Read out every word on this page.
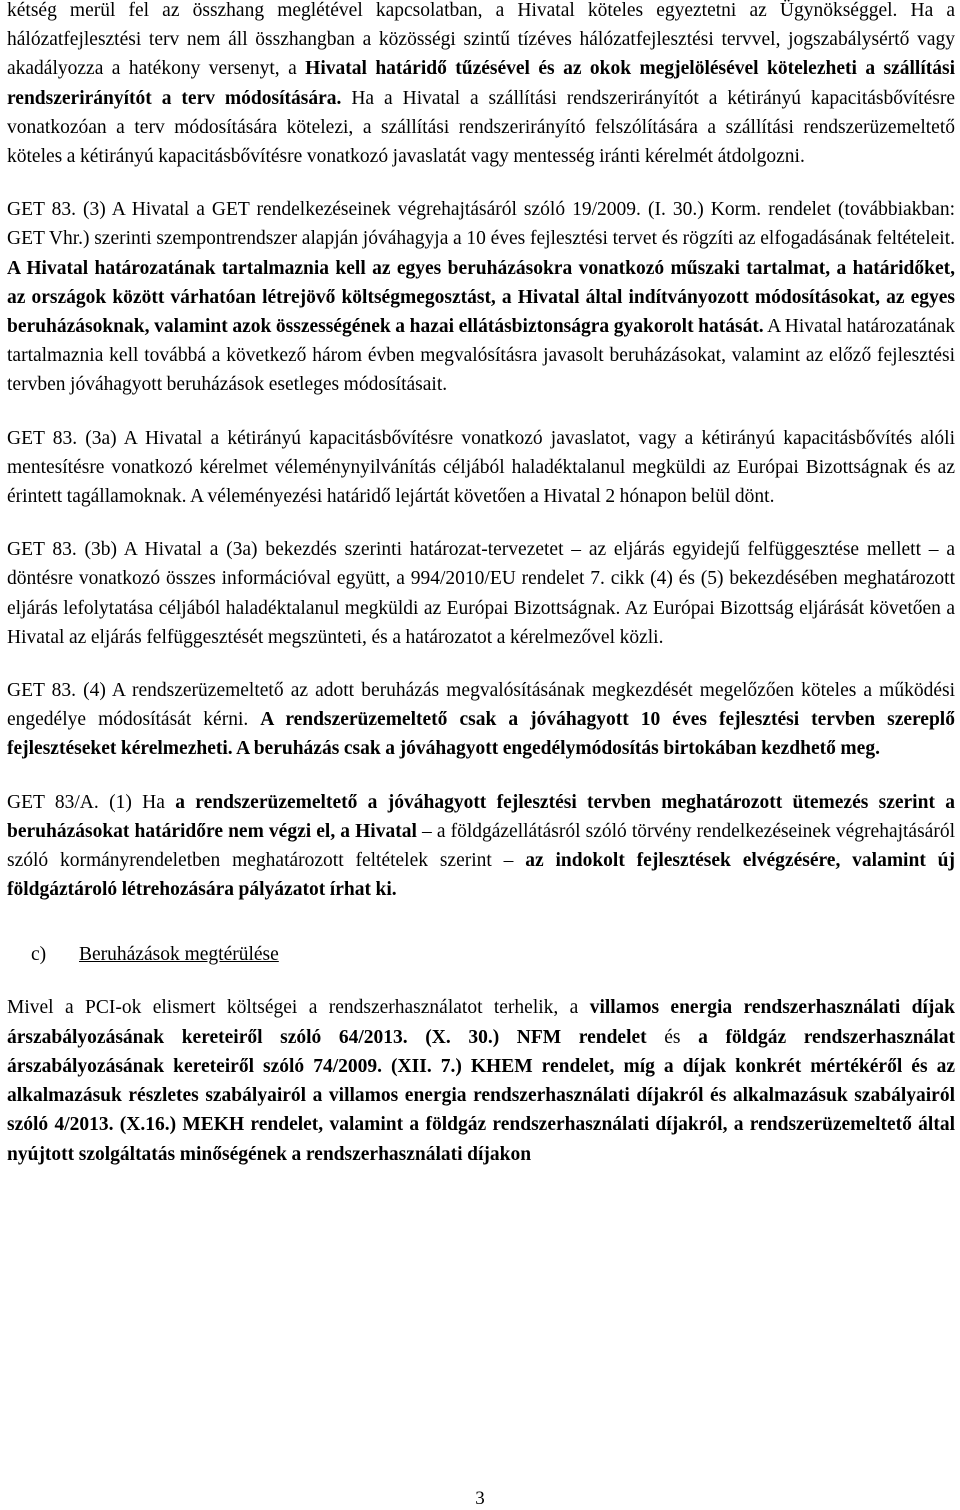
kétség merül fel az összhang meglétével kapcsolatban, a Hivatal köteles egyeztetni az Ügynökséggel. Ha a hálózatfejlesztési terv nem áll összhangban a közösségi szintű tízéves hálózatfejlesztési tervvel, jogszabálysértő vagy akadályozza a hatékony versenyt, a Hivatal határidő tűzésével és az okok megjelölésével kötelezheti a szállítási rendszerirányítót a terv módosítására. Ha a Hivatal a szállítási rendszerirányítót a kétirányú kapacitásbővítésre vonatkozóan a terv módosítására kötelezi, a szállítási rendszerirányító felszólítására a szállítási rendszerüzemeltető köteles a kétirányú kapacitásbővítésre vonatkozó javaslatát vagy mentesség iránti kérelmét átdolgozni.

GET 83. (3) A Hivatal a GET rendelkezéseinek végrehajtásáról szóló 19/2009. (I. 30.) Korm. rendelet (továbbiakban: GET Vhr.) szerinti szempontrendszer alapján jóváhagyja a 10 éves fejlesztési tervet és rögzíti az elfogadásának feltételeit. A Hivatal határozatának tartalmaznia kell az egyes beruházásokra vonatkozó műszaki tartalmat, a határidőket, az országok között várhatóan létrejövő költségmegosztást, a Hivatal által indítványozott módosításokat, az egyes beruházásoknak, valamint azok összességének a hazai ellátásbiztonságra gyakorolt hatását. A Hivatal határozatának tartalmaznia kell továbbá a következő három évben megvalósításra javasolt beruházásokat, valamint az előző fejlesztési tervben jóváhagyott beruházások esetleges módosításait.

GET 83. (3a) A Hivatal a kétirányú kapacitásbővítésre vonatkozó javaslatot, vagy a kétirányú kapacitásbővítés alóli mentesítésre vonatkozó kérelmet véleménynyilvánítás céljából haladéktalanul megküldi az Európai Bizottságnak és az érintett tagállamoknak. A véleményezési határidő lejártát követően a Hivatal 2 hónapon belül dönt.

GET 83. (3b) A Hivatal a (3a) bekezdés szerinti határozat-tervezetet – az eljárás egyidejű felfüggesztése mellett – a döntésre vonatkozó összes információval együtt, a 994/2010/EU rendelet 7. cikk (4) és (5) bekezdésében meghatározott eljárás lefolytatása céljából haladéktalanul megküldi az Európai Bizottságnak. Az Európai Bizottság eljárását követően a Hivatal az eljárás felfüggesztését megszünteti, és a határozatot a kérelmezővel közli.

GET 83. (4) A rendszerüzemeltető az adott beruházás megvalósításának megkezdését megelőzően köteles a működési engedélye módosítását kérni. A rendszerüzemeltető csak a jóváhagyott 10 éves fejlesztési tervben szereplő fejlesztéseket kérelmezheti. A beruházás csak a jóváhagyott engedélymódosítás birtokában kezdhető meg.

GET 83/A. (1) Ha a rendszerüzemeltető a jóváhagyott fejlesztési tervben meghatározott ütemezés szerint a beruházásokat határidőre nem végzi el, a Hivatal – a földgázellátásról szóló törvény rendelkezéseinek végrehajtásáról szóló kormányrendeletben meghatározott feltételek szerint – az indokolt fejlesztések elvégzésére, valamint új földgáztároló létrehozására pályázatot írhat ki.

c) Beruházások megtérülése

Mivel a PCI-ok elismert költségei a rendszerhasználatot terhelik, a villamos energia rendszerhasználati díjak árszabályozásának kereteiről szóló 64/2013. (X. 30.) NFM rendelet és a földgáz rendszerhasználat árszabályozásának kereteiről szóló 74/2009. (XII. 7.) KHEM rendelet, míg a díjak konkrét mértékéről és az alkalmazásuk részletes szabályairól a villamos energia rendszerhasználati díjakról és alkalmazásuk szabályairól szóló 4/2013. (X.16.) MEKH rendelet, valamint a földgáz rendszerhasználati díjakról, a rendszerüzemeltető által nyújtott szolgáltatás minőségének a rendszerhasználati díjakon

3
